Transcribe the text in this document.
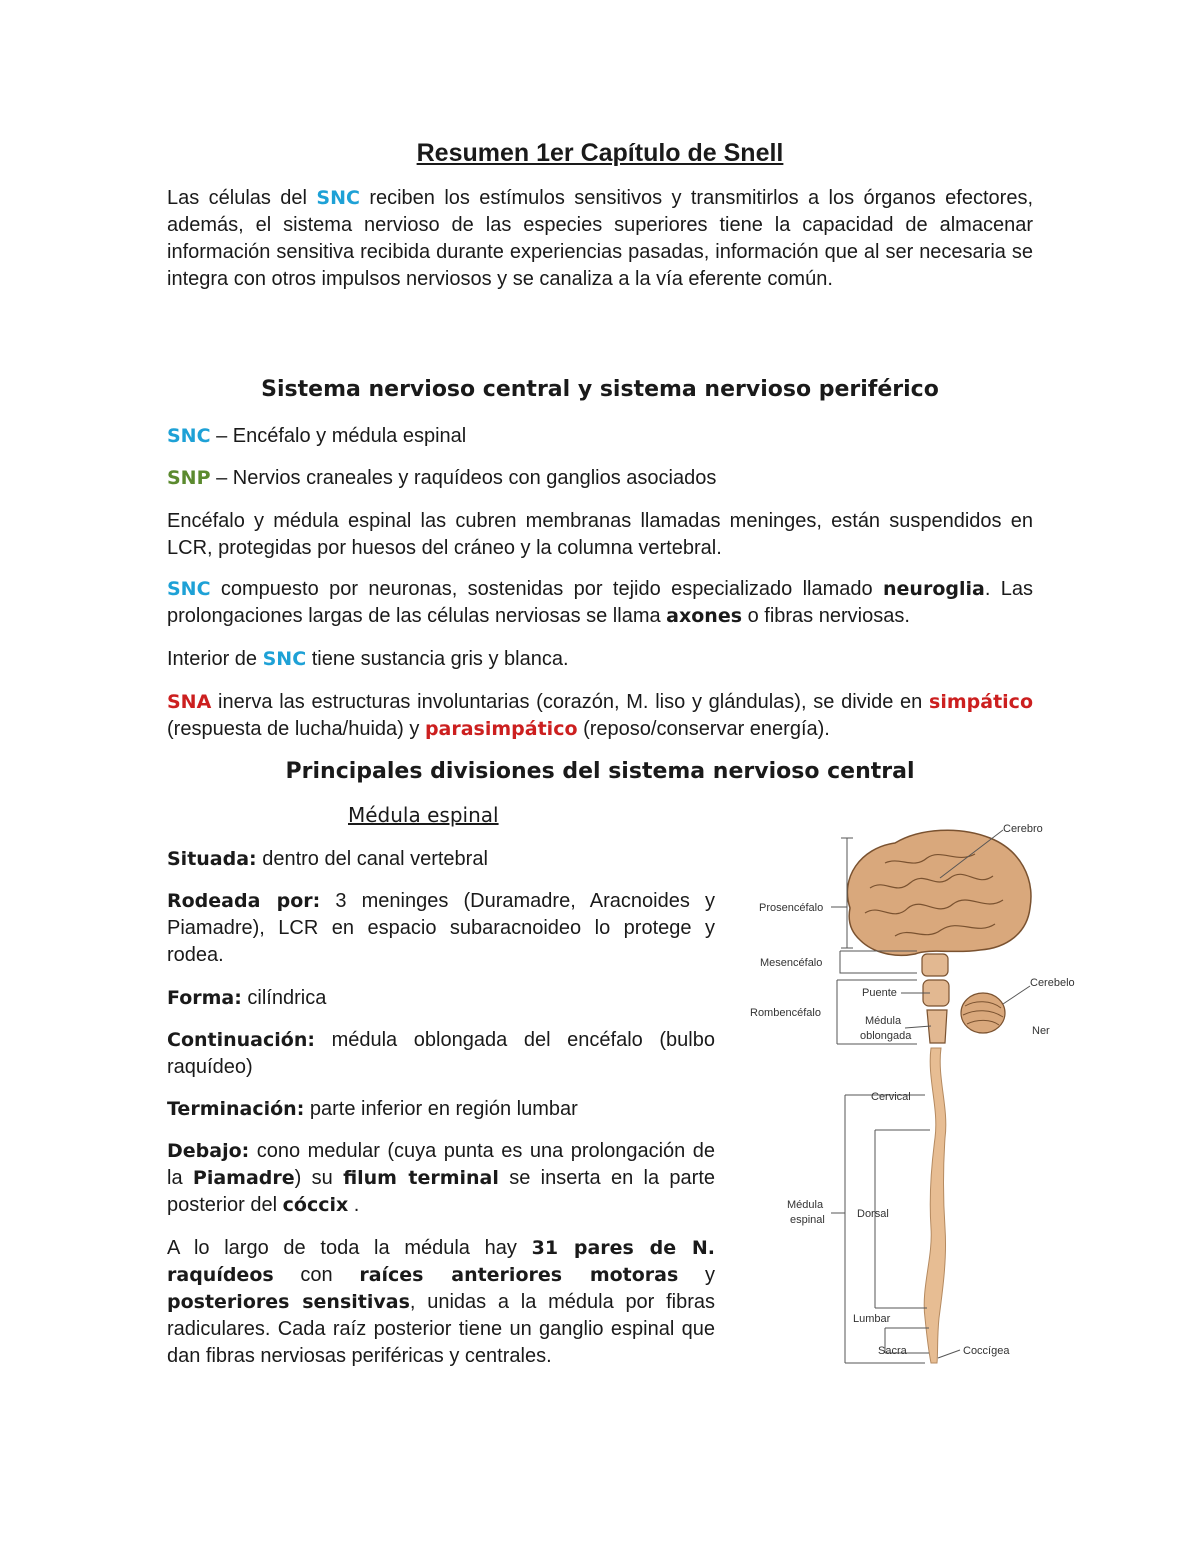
Resumen 1er Capítulo de Snell

Las células del SNC reciben los estímulos sensitivos y transmitirlos a los órganos efectores, además, el sistema nervioso de las especies superiores tiene la capacidad de almacenar información sensitiva recibida durante experiencias pasadas, información que al ser necesaria se integra con otros impulsos nerviosos y se canaliza a la vía eferente común.

Sistema nervioso central y sistema nervioso periférico

SNC – Encéfalo y médula espinal

SNP – Nervios craneales y raquídeos con ganglios asociados

Encéfalo y médula espinal las cubren membranas llamadas meninges, están suspendidos en LCR, protegidas por huesos del cráneo y la columna vertebral.

SNC compuesto por neuronas, sostenidas por tejido especializado llamado neuroglia. Las prolongaciones largas de las células nerviosas se llama axones o fibras nerviosas.

Interior de SNC tiene sustancia gris y blanca.

SNA inerva las estructuras involuntarias (corazón, M. liso y glándulas), se divide en simpático (respuesta de lucha/huida) y parasimpático (reposo/conservar energía).

Principales divisiones del sistema nervioso central
Médula espinal

Situada: dentro del canal vertebral

Rodeada por: 3 meninges (Duramadre, Aracnoides y Piamadre), LCR en espacio subaracnoideo lo protege y rodea.

Forma: cilíndrica

Continuación: médula oblongada del encéfalo (bulbo raquídeo)

Terminación: parte inferior en región lumbar

Debajo: cono medular (cuya punta es una prolongación de la Piamadre) su filum terminal se inserta en la parte posterior del cóccix .

A lo largo de toda la médula hay 31 pares de N. raquídeos con raíces anteriores motoras y posteriores sensitivas, unidas a la médula por fibras radiculares. Cada raíz posterior tiene un ganglio espinal que dan fibras nerviosas periféricas y centrales.

Cerebro
Prosencéfalo
Mesencéfalo
Puente
Rombencéfalo
Médula
oblongada
Cerebelo
Ner
Cervical
Médula
espinal	Dorsal
Lumbar
Sacra	Coccígea
